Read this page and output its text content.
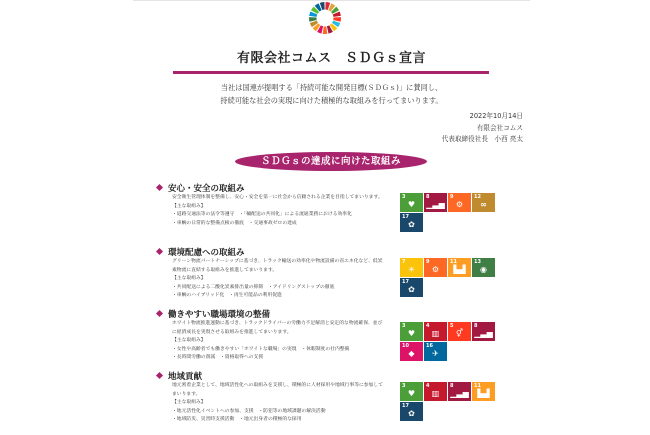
有限会社コムス　ＳＤＧｓ宣言
当社は国連が提唱する「持続可能な開発目標(ＳＤＧｓ)」に賛同し、
持続可能な社会の実現に向けた積極的な取組みを行ってまいります。
2022年10月14日
有限会社コムス
代表取締役社長　小西 亮太
ＳＤＧｓの達成に向けた取組み
安心・安全の取組み
安全衛生管理体制を整備し、安心・安全を第一に社会から信頼される企業を目指してまいります。
【主な取組み】
・道路交通法等の法令等遵守　・「輸配送の共同化」による流通業務における効率化
・車輌の日常的な整備点検の徹底　・交通事故ゼロの達成
3
♥
8
▁▃▅
9
⚙
12
∞
17
✿
環境配慮への取組み
グリーン物流パートナーシップに基づき、トラック輸送の効率化や物流設備の省エネ化など、低炭素物流に直結する取組みを推進してまいります。
【主な取組み】
・共同配送による二酸化炭素排出量の抑制　・アイドリングストップの徹底
・車輌のハイブリッド化　・再生可能品の利用促進
7
☀
9
⚙
11
▙▟
13
◉
17
✿
働きやすい職場環境の整備
ホワイト物流推進運動に基づき、トラックドライバーの労働力不足解消と安定的な物流確保、並びに経済成長を実現させる取組みを推進してまいります。
【主な取組み】
・女性や高齢者でも働きやすい「ホワイトな職場」の実現　・休暇制度の社内整備
・長時間労働の削減　・資格取得への支援
3
♥
4
▥
5
⚥
8
▁▃▅
10
◆
16
✈
地域貢献
地元密着企業として、地域活性化への取組みを支援し、積極的に人材採用や地域行事等に参加してまいります。
【主な取組み】
・地元活性化イベントへの参加、支援　・防犯等の地域課題の解決活動
・地域防災、災害時支援活動　・地元出身者の積極的な採用
3
♥
4
▥
8
▁▃▅
11
▙▟
17
✿
